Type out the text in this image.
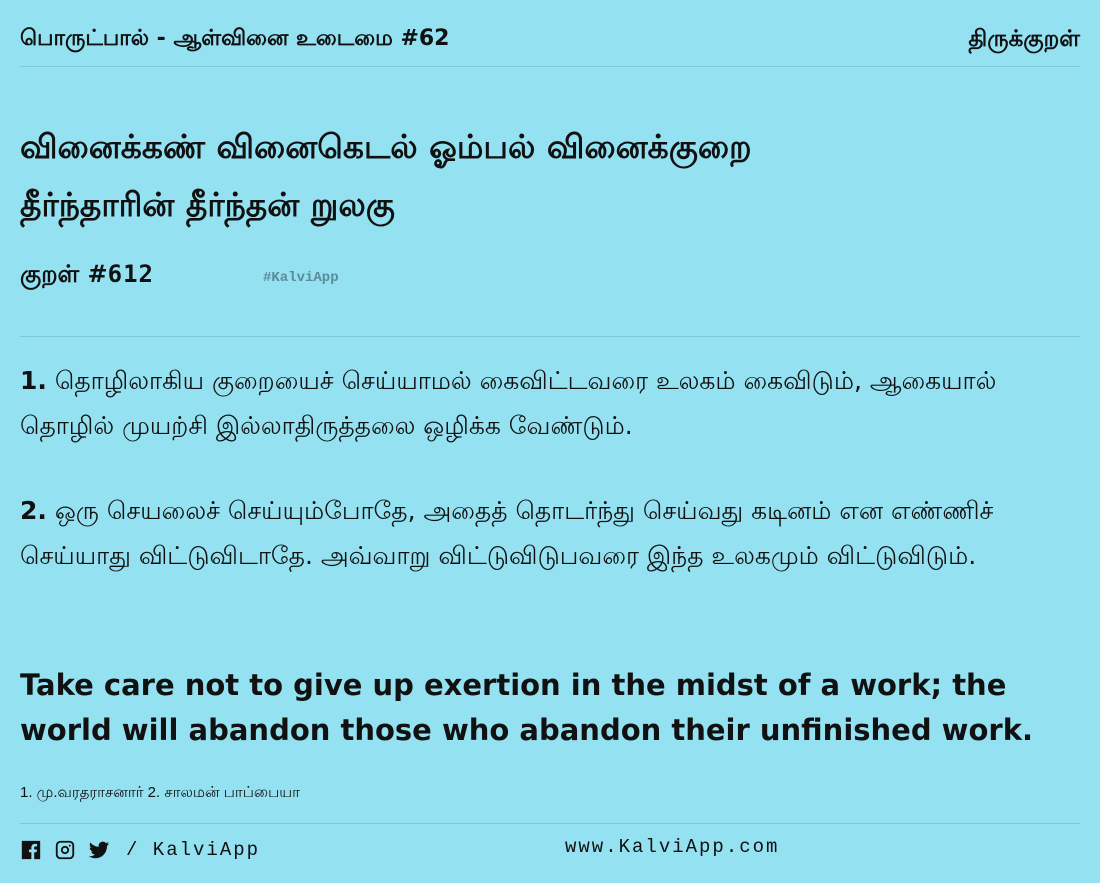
பொருட்பால் - ஆள்வினை உடைமை #62	திருக்குறள்
வினைக்கண் வினைகெடல் ஓம்பல் வினைக்குறை
தீர்ந்தாரின் தீர்ந்தன் றுலகு
குறள் #612	#KalviApp
1. தொழிலாகிய குறையைச் செய்யாமல் கைவிட்டவரை உலகம் கைவிடும், ஆகையால் தொழில் முயற்சி இல்லாதிருத்தலை ஒழிக்க வேண்டும்.
2. ஒரு செயலைச் செய்யும்போதே, அதைத் தொடர்ந்து செய்வது கடினம் என எண்ணிச் செய்யாது விட்டுவிடாதே. அவ்வாறு விட்டுவிடுபவரை இந்த உலகமும் விட்டுவிடும்.
Take care not to give up exertion in the midst of a work; the world will abandon those who abandon their unfinished work.
1. மு.வரதராசனார் 2. சாலமன் பாப்பையா
/ KalviApp	www.KalviApp.com
